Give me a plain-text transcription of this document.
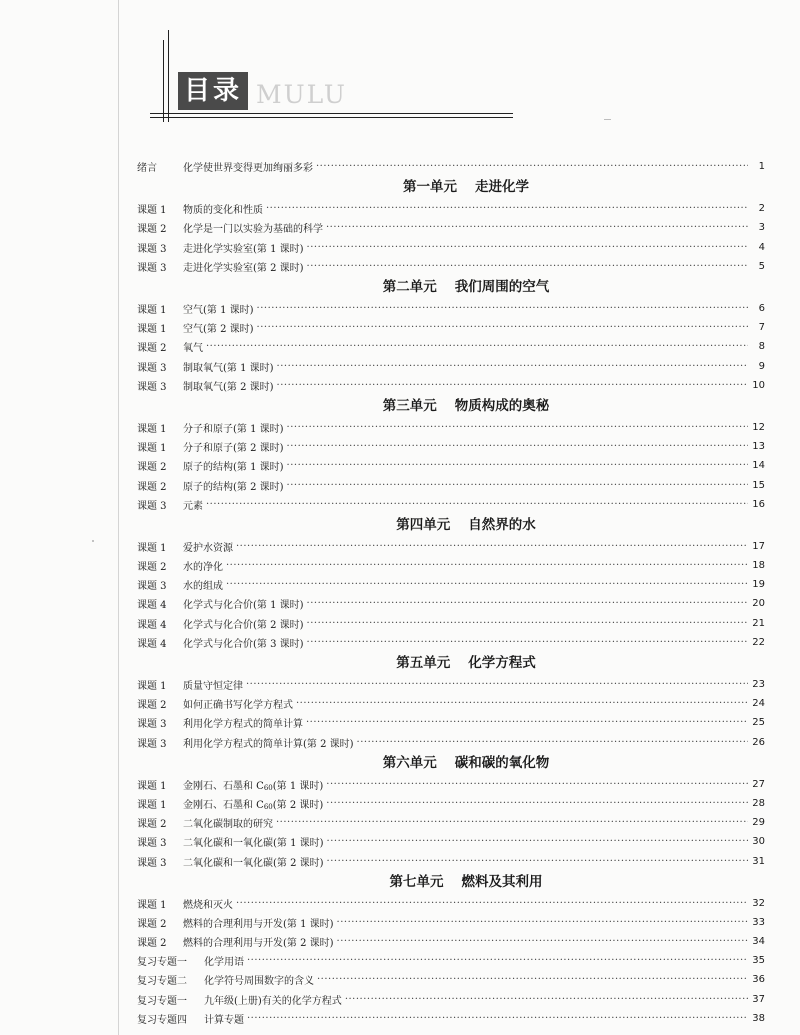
目录 MULU
绪言	化学使世界变得更加绚丽多彩 ·····	1
第一单元 走进化学
课题 1	物质的变化和性质 ·····	2
课题 2	化学是一门以实验为基础的科学 ·····	3
课题 3	走进化学实验室(第 1 课时) ·····	4
课题 3	走进化学实验室(第 2 课时) ·····	5
第二单元 我们周围的空气
课题 1	空气(第 1 课时) ·····	6
课题 1	空气(第 2 课时) ·····	7
课题 2	氧气 ·····	8
课题 3	制取氧气(第 1 课时) ·····	9
课题 3	制取氧气(第 2 课时) ·····	10
第三单元 物质构成的奥秘
课题 1	分子和原子(第 1 课时) ·····	12
课题 1	分子和原子(第 2 课时) ·····	13
课题 2	原子的结构(第 1 课时) ·····	14
课题 2	原子的结构(第 2 课时) ·····	15
课题 3	元素 ·····	16
第四单元 自然界的水
课题 1	爱护水资源 ·····	17
课题 2	水的净化 ·····	18
课题 3	水的组成 ·····	19
课题 4	化学式与化合价(第 1 课时) ·····	20
课题 4	化学式与化合价(第 2 课时) ·····	21
课题 4	化学式与化合价(第 3 课时) ·····	22
第五单元 化学方程式
课题 1	质量守恒定律 ·····	23
课题 2	如何正确书写化学方程式 ·····	24
课题 3	利用化学方程式的简单计算 ·····	25
课题 3	利用化学方程式的简单计算(第 2 课时) ·····	26
第六单元 碳和碳的氧化物
课题 1	金刚石、石墨和 $C_{60}$(第 1 课时) ·····	27
课题 1	金刚石、石墨和 $C_{60}$(第 2 课时) ·····	28
课题 2	二氧化碳制取的研究 ·····	29
课题 3	二氧化碳和一氧化碳(第 1 课时) ·····	30
课题 3	二氧化碳和一氧化碳(第 2 课时) ·····	31
第七单元 燃料及其利用
课题 1	燃烧和灭火 ·····	32
课题 2	燃料的合理利用与开发(第 1 课时) ·····	33
课题 2	燃料的合理利用与开发(第 2 课时) ·····	34
复习专题一	化学用语 ·····	35
复习专题二	化学符号周围数字的含义 ·····	36
复习专题一	九年级(上册)有关的化学方程式 ·····	37
复习专题四	计算专题 ·····	38
